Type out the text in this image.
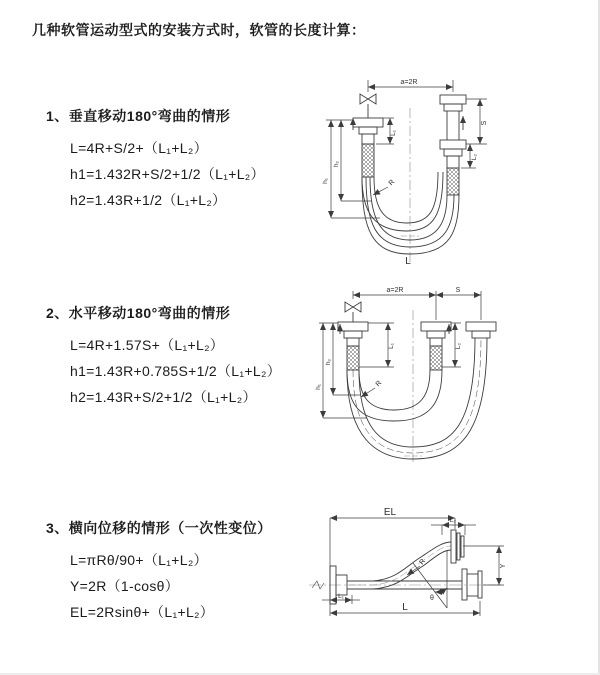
几种软管运动型式的安装方式时，软管的长度计算：
1、垂直移动180°弯曲的情形
L=4R+S/2+（L₁+L₂）
h1=1.432R+S/2+1/2（L₁+L₂）
h2=1.43R+1/2（L₁+L₂）
2、水平移动180°弯曲的情形
L=4R+1.57S+（L₁+L₂）
h1=1.43R+0.785S+1/2（L₁+L₂）
h2=1.43R+S/2+1/2（L₁+L₂）
3、横向位移的情形（一次性变位）
L=πRθ/90+（L₁+L₂）
Y=2R（1-cosθ）
EL=2Rsinθ+（L₁+L₂）
a=2R
L₁
S
L₂
h₂
h₁	R
L
a=2R	S
L₁	L₂
h₂
h₁	R
EL
L₂
Y
R
θ
L₁
L
